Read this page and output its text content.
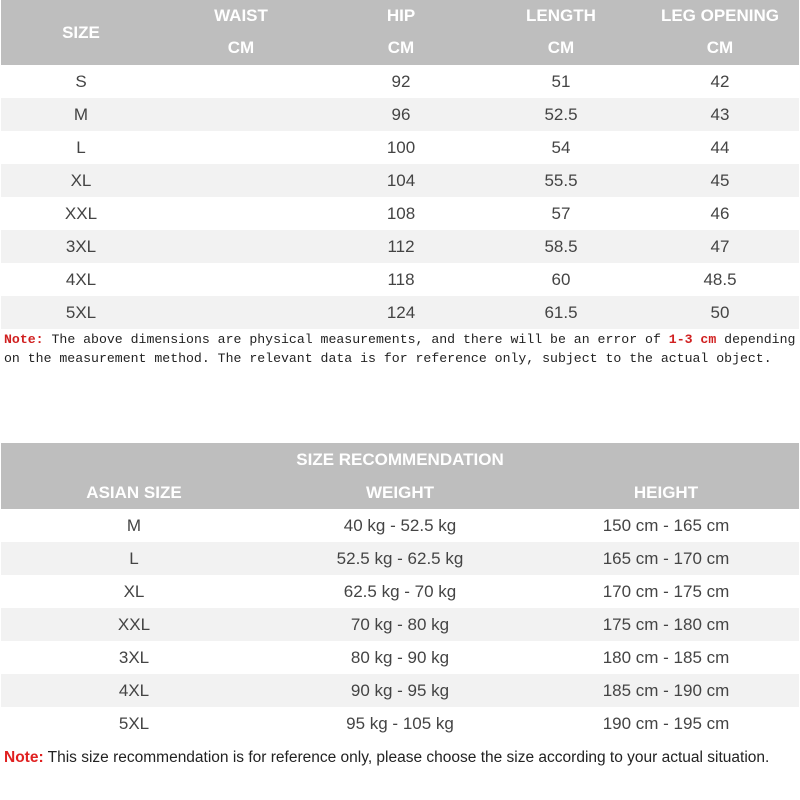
SIZE	WAIST	HIP	LENGTH	LEG OPENING
	CM	CM	CM	CM
S		92	51	42
M		96	52.5	43
L		100	54	44
XL		104	55.5	45
XXL		108	57	46
3XL		112	58.5	47
4XL		118	60	48.5
5XL		124	61.5	50
Note: The above dimensions are physical measurements, and there will be an error of 1-3 cm depending on the measurement method. The relevant data is for reference only, subject to the actual object.
SIZE RECOMMENDATION		
ASIAN SIZE	WEIGHT	HEIGHT
M	40 kg - 52.5 kg	150 cm - 165 cm
L	52.5 kg - 62.5 kg	165 cm - 170 cm
XL	62.5 kg - 70 kg	170 cm - 175 cm
XXL	70 kg - 80 kg	175 cm - 180 cm
3XL	80 kg - 90 kg	180 cm - 185 cm
4XL	90 kg - 95 kg	185 cm - 190 cm
5XL	95 kg - 105 kg	190 cm - 195 cm
Note: This size recommendation is for reference only, please choose the size according to your actual situation.
